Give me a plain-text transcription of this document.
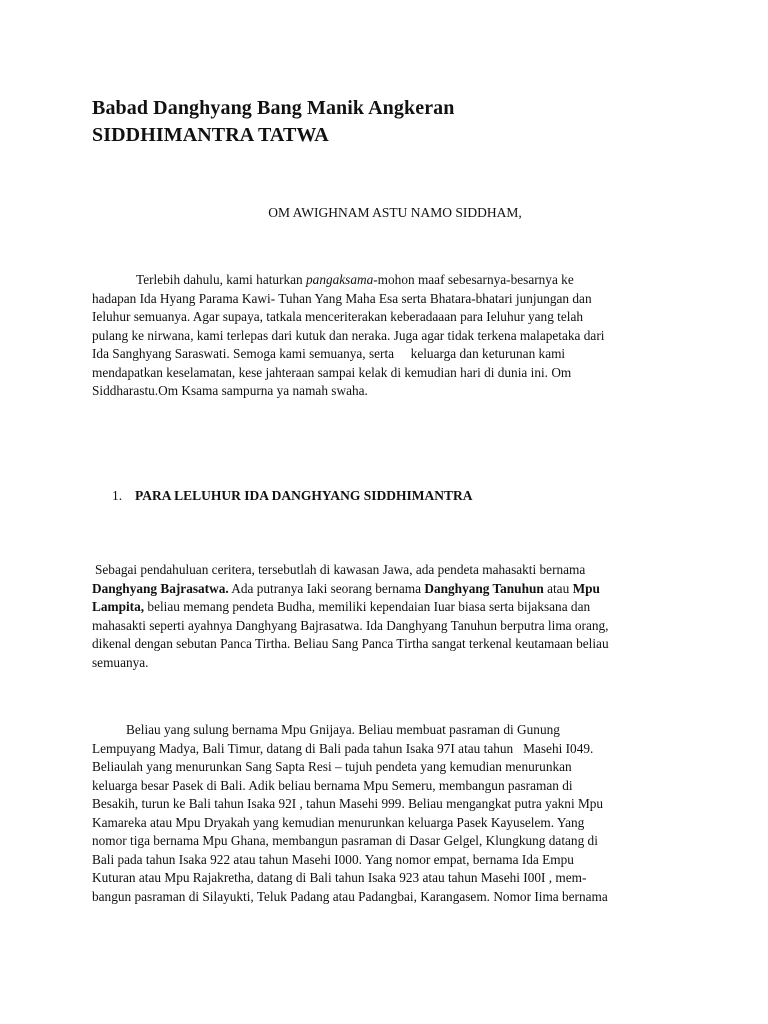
Babad Danghyang Bang Manik Angkeran
SIDDHIMANTRA TATWA

OM AWIGHNAM ASTU NAMO SIDDHAM,

Terlebih dahulu, kami haturkan pangaksama-mohon maaf sebesarnya-besarnya ke
hadapan Ida Hyang Parama Kawi- Tuhan Yang Maha Esa serta Bhatara-bhatari junjungan dan
Ieluhur semuanya. Agar supaya, tatkala menceriterakan keberadaaan para Ieluhur yang telah
pulang ke nirwana, kami terlepas dari kutuk dan neraka. Juga agar tidak terkena malapetaka dari
Ida Sanghyang Saraswati. Semoga kami semuanya, serta     keluarga dan keturunan kami
mendapatkan keselamatan, kese jahteraan sampai kelak di kemudian hari di dunia ini. Om
Siddharastu.Om Ksama sampurna ya namah swaha.

1. PARA LELUHUR IDA DANGHYANG SIDDHIMANTRA

Sebagai pendahuluan ceritera, tersebutlah di kawasan Jawa, ada pendeta mahasakti bernama
Danghyang Bajrasatwa. Ada putranya Iaki seorang bernama Danghyang Tanuhun atau Mpu
Lampita, beliau memang pendeta Budha, memiliki kependaian Iuar biasa serta bijaksana dan
mahasakti seperti ayahnya Danghyang Bajrasatwa. Ida Danghyang Tanuhun berputra lima orang,
dikenal dengan sebutan Panca Tirtha. Beliau Sang Panca Tirtha sangat terkenal keutamaan beliau
semuanya.

Beliau yang sulung bernama Mpu Gnijaya. Beliau membuat pasraman di Gunung
Lempuyang Madya, Bali Timur, datang di Bali pada tahun Isaka 97I atau tahun   Masehi I049.
Beliaulah yang menurunkan Sang Sapta Resi – tujuh pendeta yang kemudian menurunkan
keluarga besar Pasek di Bali. Adik beliau bernama Mpu Semeru, membangun pasraman di
Besakih, turun ke Bali tahun Isaka 92I , tahun Masehi 999. Beliau mengangkat putra yakni Mpu
Kamareka atau Mpu Dryakah yang kemudian menurunkan keluarga Pasek Kayuselem. Yang
nomor tiga bernama Mpu Ghana, membangun pasraman di Dasar Gelgel, Klungkung datang di
Bali pada tahun Isaka 922 atau tahun Masehi I000. Yang nomor empat, bernama Ida Empu
Kuturan atau Mpu Rajakretha, datang di Bali tahun Isaka 923 atau tahun Masehi I00I , mem-
bangun pasraman di Silayukti, Teluk Padang atau Padangbai, Karangasem. Nomor Iima bernama
